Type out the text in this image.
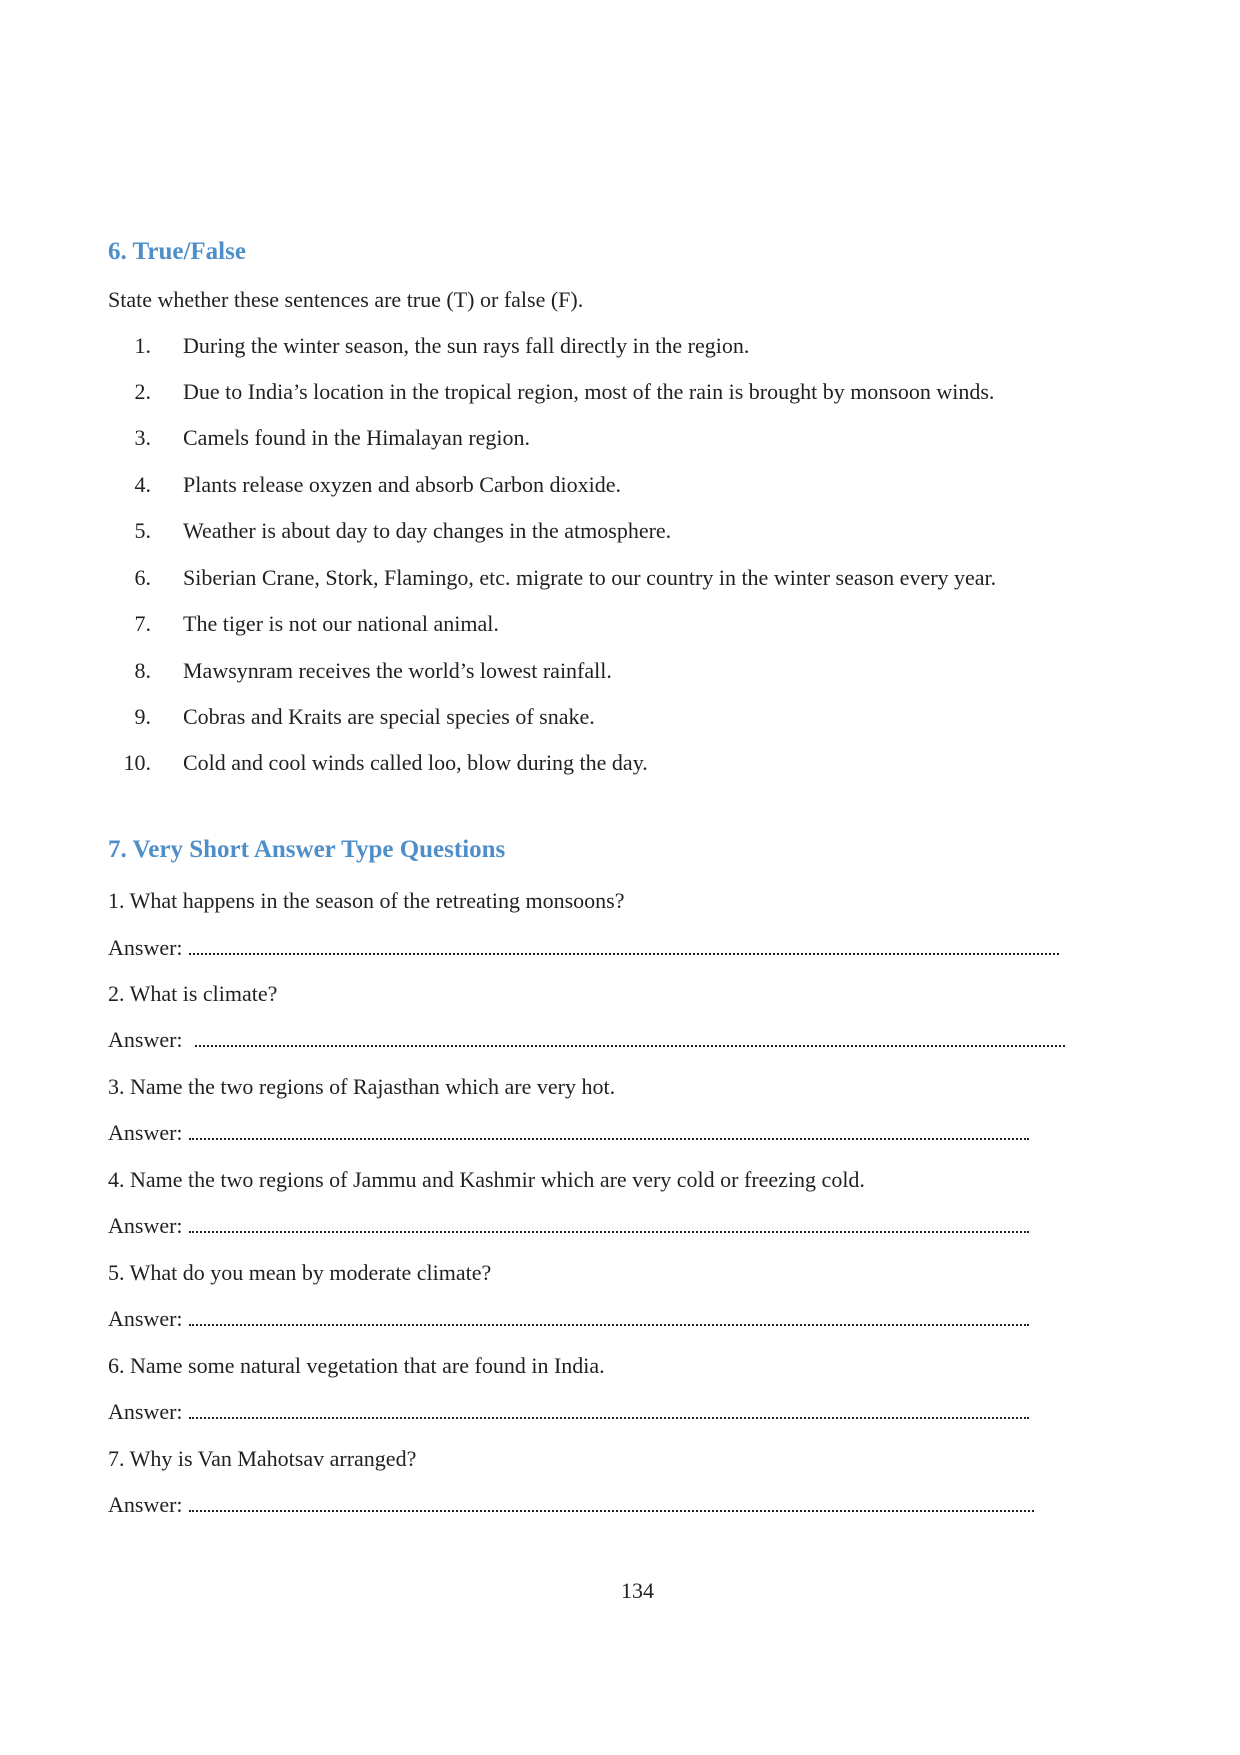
6. True/False
State whether these sentences are true (T) or false (F).
1. During the winter season, the sun rays fall directly in the region.
2. Due to India’s location in the tropical region, most of the rain is brought by monsoon winds.
3. Camels found in the Himalayan region.
4. Plants release oxyzen and absorb Carbon dioxide.
5. Weather is about day to day changes in the atmosphere.
6. Siberian Crane, Stork, Flamingo, etc. migrate to our country in the winter season every year.
7. The tiger is not our national animal.
8. Mawsynram receives the world’s lowest rainfall.
9. Cobras and Kraits are special species of snake.
10. Cold and cool winds called loo, blow during the day.
7. Very Short Answer Type Questions
1. What happens in the season of the retreating monsoons?
Answer:
2. What is climate?
Answer:
3. Name the two regions of Rajasthan which are very hot.
Answer:
4. Name the two regions of Jammu and Kashmir which are very cold or freezing cold.
Answer:
5. What do you mean by moderate climate?
Answer:
6. Name some natural vegetation that are found in India.
Answer:
7. Why is Van Mahotsav arranged?
Answer:
134
